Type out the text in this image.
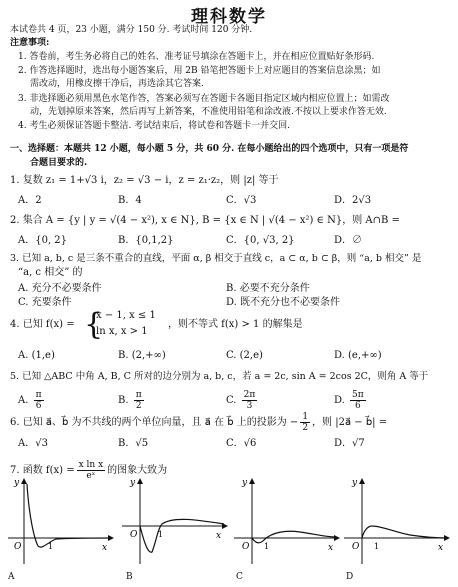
理科数学
本试卷共 4 页，23 小题，满分 150 分. 考试时间 120 分钟.
注意事项:
1. 答卷前，考生务必将自己的姓名、准考证号填涂在答题卡上，并在相应位置贴好条形码.
2. 作答选择题时，选出每小题答案后，用 2B 铅笔把答题卡上对应题目的答案信息涂黑；如
需改动，用橡皮擦干净后，再选涂其它答案.
3. 非选择题必须用黑色水笔作答，答案必须写在答题卡各题目指定区域内相应位置上；如需改
动，先划掉原来答案，然后再写上新答案，不准使用铅笔和涂改液.不按以上要求作答无效.
4. 考生必须保证答题卡整洁. 考试结束后，将试卷和答题卡一并交回.
一、选择题：本题共 12 小题，每小题 5 分，共 60 分. 在每小题给出的四个选项中，只有一项是符
合题目要求的.
1. 复数 z₁ = 1+√3 i，z₂ = √3 − i，z = z₁·z₂，则 |z| 等于
A．2	B．4	C．√3	D．2√3
2. 集合 A = {y | y = √(4 − x²), x ∈ N}, B = {x ∈ N | √(4 − x²) ∈ N}，则 A∩B =
A．{0, 2}	B．{0,1,2}	C．{0, √3, 2}	D．∅
3. 已知 a, b, c 是三条不重合的直线，平面 α, β 相交于直线 c，a ⊂ α, b ⊂ β，则 “a, b 相交” 是
“a, c 相交” 的
A. 充分不必要条件	B. 必要不充分条件
C. 充要条件	D. 既不充分也不必要条件
4. 已知 f(x) = {
x − 1, x ≤ 1
ln x, x > 1
，则不等式 f(x) > 1 的解集是
A. (1,e)	B. (2,+∞)	C. (2,e)	D. (e,+∞)
5. 已知 △ABC 中角 A, B, C 所对的边分别为 a, b, c，若 a = 2c, sin A = 2cos 2C，则角 A 等于
A. $\frac{\pi}{6}$	B. $\frac{\pi}{2}$	C. $\frac{2\pi}{3}$	D. $\frac{5\pi}{6}$
6. 已知 a⃗、b⃗ 为不共线的两个单位向量，且 a⃗ 在 b⃗ 上的投影为 − $\frac{1}{2}$ ，则 |2a⃗ − b⃗| =
A．√3	B．√5	C．√6	D．√7
7. 函数 $f(x) = \frac{\text{x ln x}}{\text{eˣ}}$ 的图象大致为
y
x
O	1
A
y
x
O	1
B
y
x
O 1
C
y
x
O 1
D
